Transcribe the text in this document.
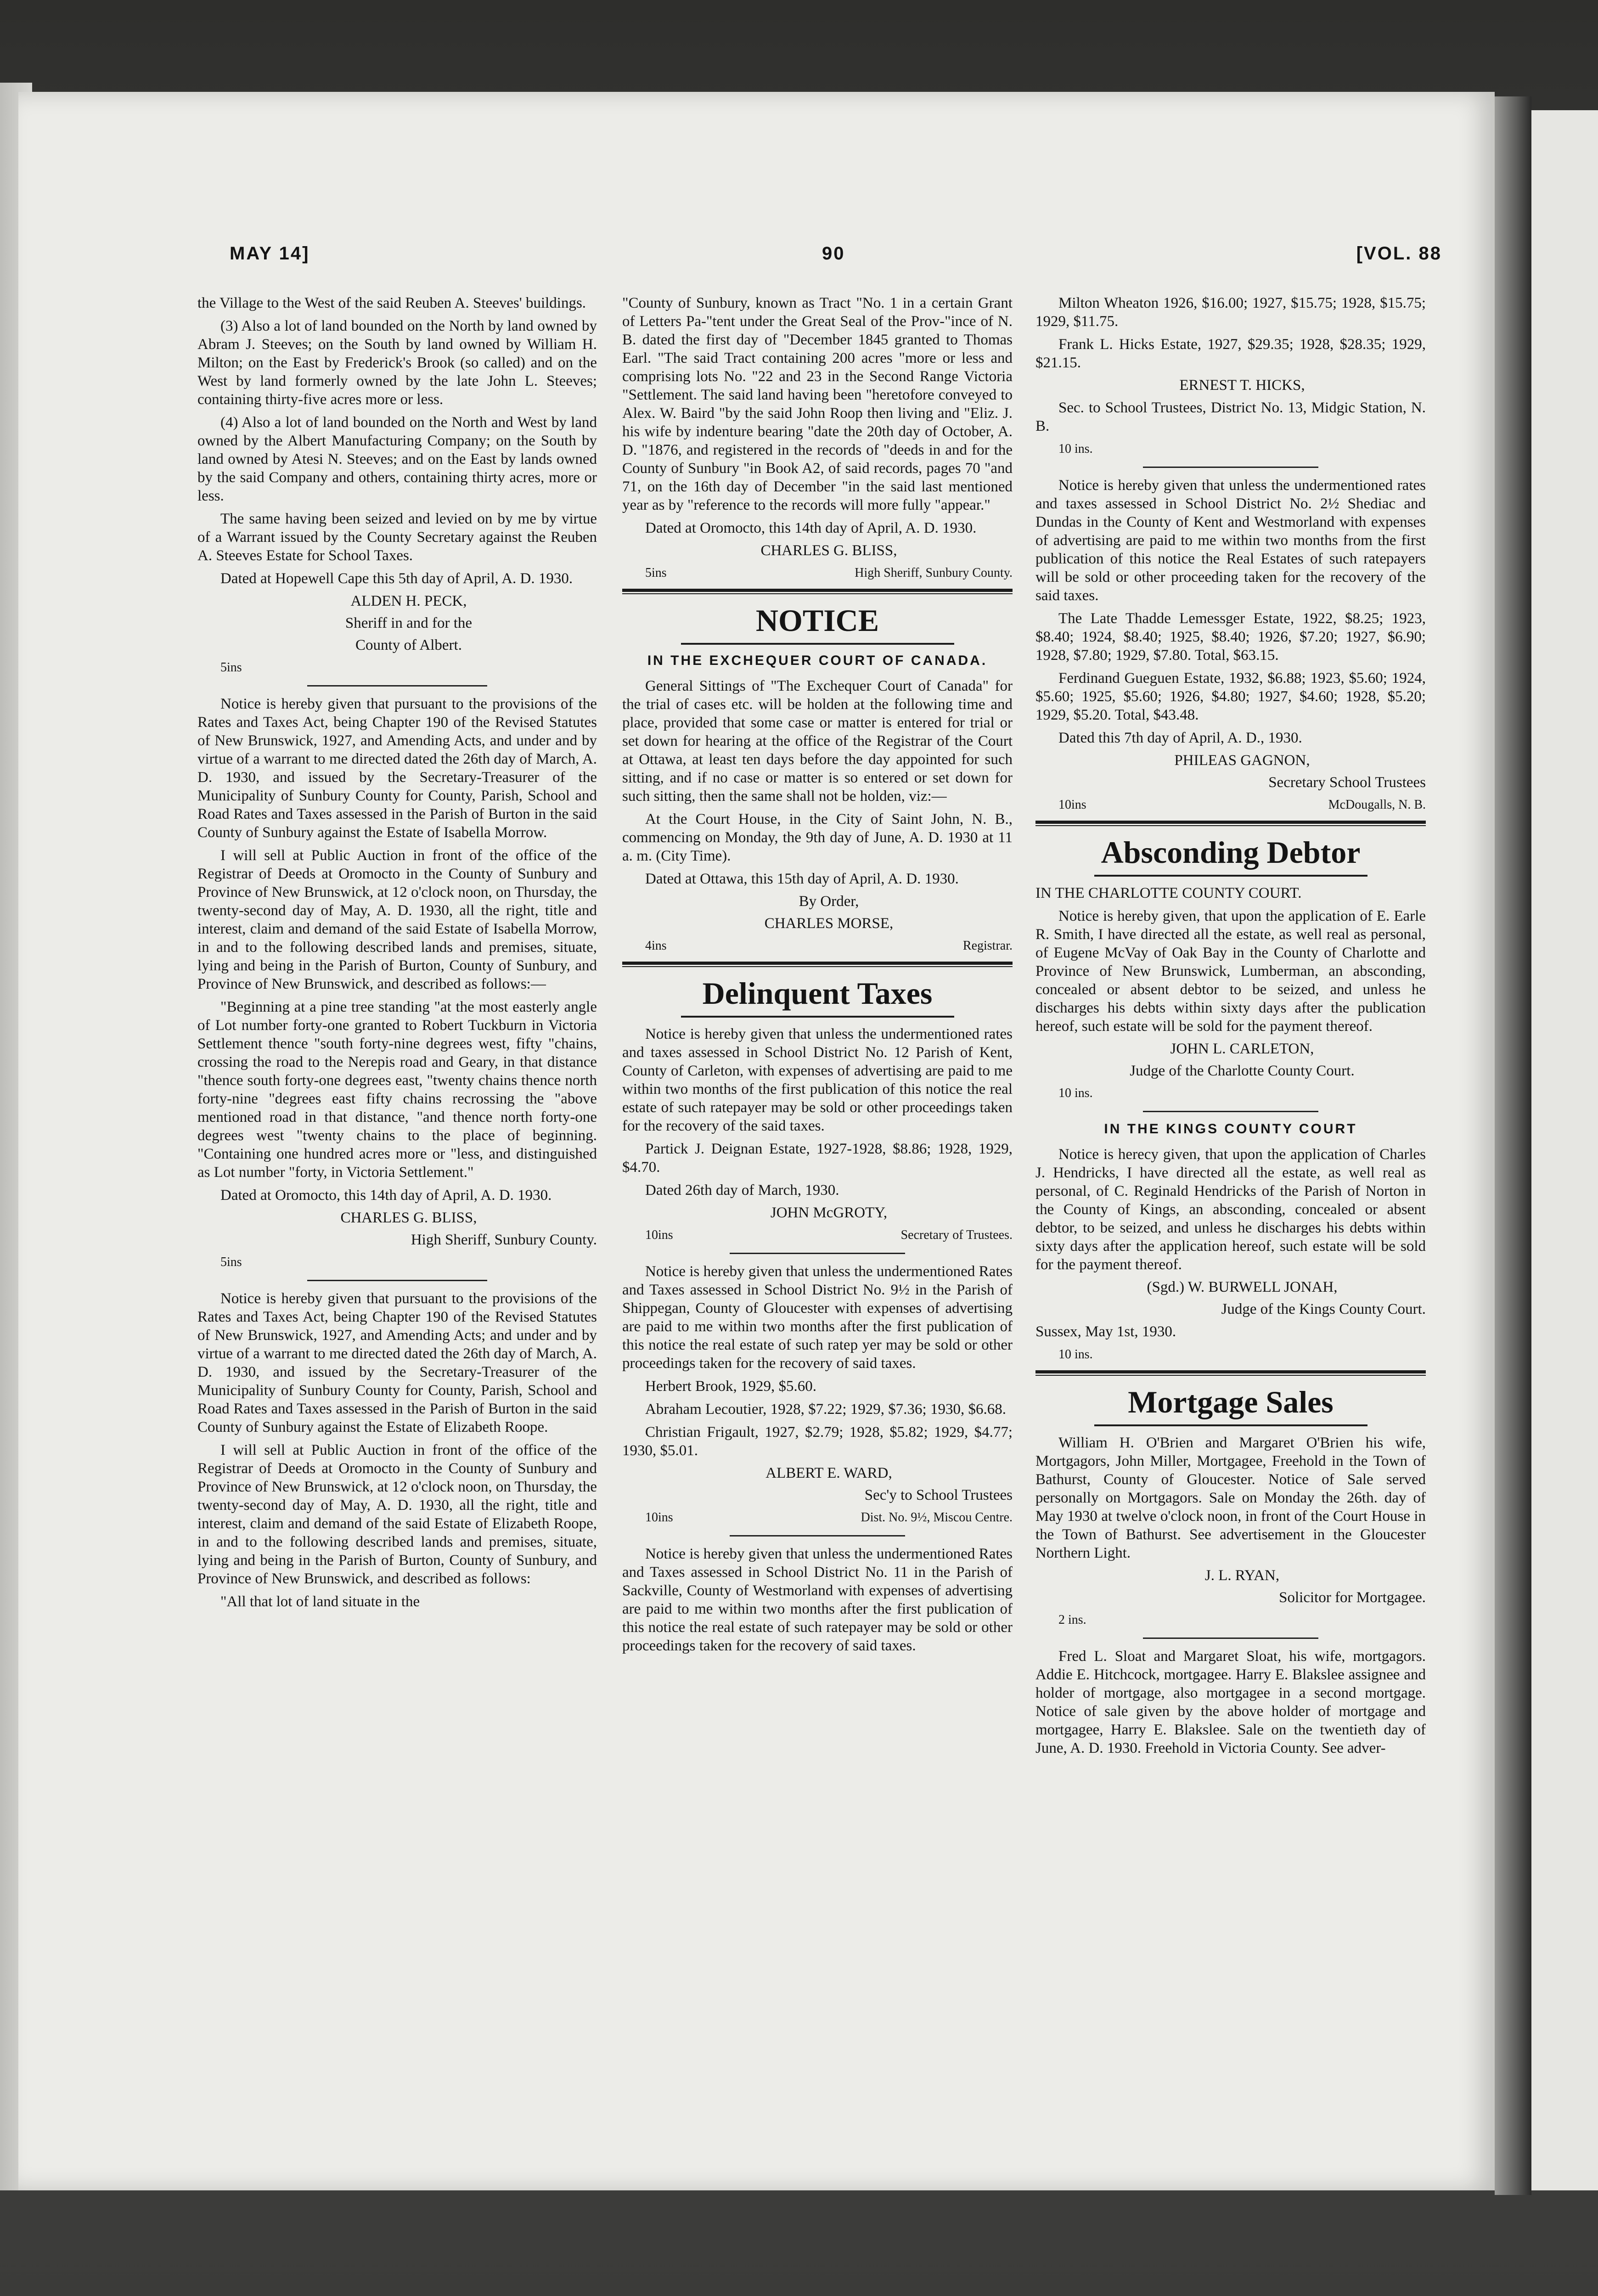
MAY 14]	90	[VOL. 88

the Village to the West of the said Reuben A. Steeves' buildings.

(3) Also a lot of land bounded on the North by land owned by Abram J. Steeves; on the South by land owned by William H. Milton; on the East by Frederick's Brook (so called) and on the West by land formerly owned by the late John L. Steeves; containing thirty-five acres more or less.

(4) Also a lot of land bounded on the North and West by land owned by the Albert Manufacturing Company; on the South by land owned by Atesi N. Steeves; and on the East by lands owned by the said Company and others, containing thirty acres, more or less.

The same having been seized and levied on by me by virtue of a Warrant issued by the County Secretary against the Reuben A. Steeves Estate for School Taxes.

Dated at Hopewell Cape this 5th day of April, A. D. 1930.

ALDEN H. PECK,

Sheriff in and for the

County of Albert.

5ins

Notice is hereby given that pursuant to the provisions of the Rates and Taxes Act, being Chapter 190 of the Revised Statutes of New Brunswick, 1927, and Amending Acts, and under and by virtue of a warrant to me directed dated the 26th day of March, A. D. 1930, and issued by the Secretary-Treasurer of the Municipality of Sunbury County for County, Parish, School and Road Rates and Taxes assessed in the Parish of Burton in the said County of Sunbury against the Estate of Isabella Morrow.

I will sell at Public Auction in front of the office of the Registrar of Deeds at Oromocto in the County of Sunbury and Province of New Brunswick, at 12 o'clock noon, on Thursday, the twenty-second day of May, A. D. 1930, all the right, title and interest, claim and demand of the said Estate of Isabella Morrow, in and to the following described lands and premises, situate, lying and being in the Parish of Burton, County of Sunbury, and Province of New Brunswick, and described as follows:—

"Beginning at a pine tree standing "at the most easterly angle of Lot number forty-one granted to Robert Tuckburn in Victoria Settlement thence "south forty-nine degrees west, fifty "chains, crossing the road to the Nerepis road and Geary, in that distance "thence south forty-one degrees east, "twenty chains thence north forty-nine "degrees east fifty chains recrossing the "above mentioned road in that distance, "and thence north forty-one degrees west "twenty chains to the place of beginning. "Containing one hundred acres more or "less, and distinguished as Lot number "forty, in Victoria Settlement."

Dated at Oromocto, this 14th day of April, A. D. 1930.

CHARLES G. BLISS,

High Sheriff, Sunbury County.

5ins

Notice is hereby given that pursuant to the provisions of the Rates and Taxes Act, being Chapter 190 of the Revised Statutes of New Brunswick, 1927, and Amending Acts; and under and by virtue of a warrant to me directed dated the 26th day of March, A. D. 1930, and issued by the Secretary-Treasurer of the Municipality of Sunbury County for County, Parish, School and Road Rates and Taxes assessed in the Parish of Burton in the said County of Sunbury against the Estate of Elizabeth Roope.

I will sell at Public Auction in front of the office of the Registrar of Deeds at Oromocto in the County of Sunbury and Province of New Brunswick, at 12 o'clock noon, on Thursday, the twenty-second day of May, A. D. 1930, all the right, title and interest, claim and demand of the said Estate of Elizabeth Roope, in and to the following described lands and premises, situate, lying and being in the Parish of Burton, County of Sunbury, and Province of New Brunswick, and described as follows:

"All that lot of land situate in the

"County of Sunbury, known as Tract "No. 1 in a certain Grant of Letters Pa-"tent under the Great Seal of the Prov-"ince of N. B. dated the first day of "December 1845 granted to Thomas Earl. "The said Tract containing 200 acres "more or less and comprising lots No. "22 and 23 in the Second Range Victoria "Settlement. The said land having been "heretofore conveyed to Alex. W. Baird "by the said John Roop then living and "Eliz. J. his wife by indenture bearing "date the 20th day of October, A. D. "1876, and registered in the records of "deeds in and for the County of Sunbury "in Book A2, of said records, pages 70 "and 71, on the 16th day of December "in the said last mentioned year as by "reference to the records will more fully "appear."

Dated at Oromocto, this 14th day of April, A. D. 1930.

CHARLES G. BLISS,

5ins	High Sheriff, Sunbury County.

NOTICE
IN THE EXCHEQUER COURT OF CANADA.

General Sittings of "The Exchequer Court of Canada" for the trial of cases etc. will be holden at the following time and place, provided that some case or matter is entered for trial or set down for hearing at the office of the Registrar of the Court at Ottawa, at least ten days before the day appointed for such sitting, and if no case or matter is so entered or set down for such sitting, then the same shall not be holden, viz:—

At the Court House, in the City of Saint John, N. B., commencing on Monday, the 9th day of June, A. D. 1930 at 11 a. m. (City Time).

Dated at Ottawa, this 15th day of April, A. D. 1930.

By Order,

CHARLES MORSE,

4ins	Registrar.

Delinquent Taxes

Notice is hereby given that unless the undermentioned rates and taxes assessed in School District No. 12 Parish of Kent, County of Carleton, with expenses of advertising are paid to me within two months of the first publication of this notice the real estate of such ratepayer may be sold or other proceedings taken for the recovery of the said taxes.

Partick J. Deignan Estate, 1927-1928, $8.86; 1928, 1929, $4.70.

Dated 26th day of March, 1930.

JOHN McGROTY,

10ins	Secretary of Trustees.

Notice is hereby given that unless the undermentioned Rates and Taxes assessed in School District No. 9½ in the Parish of Shippegan, County of Gloucester with expenses of advertising are paid to me within two months after the first publication of this notice the real estate of such ratep yer may be sold or other proceedings taken for the recovery of said taxes.

Herbert Brook, 1929, $5.60.

Abraham Lecoutier, 1928, $7.22; 1929, $7.36; 1930, $6.68.

Christian Frigault, 1927, $2.79; 1928, $5.82; 1929, $4.77; 1930, $5.01.

ALBERT E. WARD,

Sec'y to School Trustees

10ins	Dist. No. 9½, Miscou Centre.

Notice is hereby given that unless the undermentioned Rates and Taxes assessed in School District No. 11 in the Parish of Sackville, County of Westmorland with expenses of advertising are paid to me within two months after the first publication of this notice the real estate of such ratepayer may be sold or other proceedings taken for the recovery of said taxes.

Milton Wheaton 1926, $16.00; 1927, $15.75; 1928, $15.75; 1929, $11.75.

Frank L. Hicks Estate, 1927, $29.35; 1928, $28.35; 1929, $21.15.

ERNEST T. HICKS,

Sec. to School Trustees, District No. 13, Midgic Station, N. B.

10 ins.

Notice is hereby given that unless the undermentioned rates and taxes assessed in School District No. 2½ Shediac and Dundas in the County of Kent and Westmorland with expenses of advertising are paid to me within two months from the first publication of this notice the Real Estates of such ratepayers will be sold or other proceeding taken for the recovery of the said taxes.

The Late Thadde Lemessger Estate, 1922, $8.25; 1923, $8.40; 1924, $8.40; 1925, $8.40; 1926, $7.20; 1927, $6.90; 1928, $7.80; 1929, $7.80. Total, $63.15.

Ferdinand Gueguen Estate, 1932, $6.88; 1923, $5.60; 1924, $5.60; 1925, $5.60; 1926, $4.80; 1927, $4.60; 1928, $5.20; 1929, $5.20. Total, $43.48.

Dated this 7th day of April, A. D., 1930.

PHILEAS GAGNON,

Secretary School Trustees

10ins	McDougalls, N. B.

Absconding Debtor

IN THE CHARLOTTE COUNTY COURT.

Notice is hereby given, that upon the application of E. Earle R. Smith, I have directed all the estate, as well real as personal, of Eugene McVay of Oak Bay in the County of Charlotte and Province of New Brunswick, Lumberman, an absconding, concealed or absent debtor to be seized, and unless he discharges his debts within sixty days after the publication hereof, such estate will be sold for the payment thereof.

JOHN L. CARLETON,

Judge of the Charlotte County Court.

10 ins.

IN THE KINGS COUNTY COURT

Notice is herecy given, that upon the application of Charles J. Hendricks, I have directed all the estate, as well real as personal, of C. Reginald Hendricks of the Parish of Norton in the County of Kings, an absconding, concealed or absent debtor, to be seized, and unless he discharges his debts within sixty days after the application hereof, such estate will be sold for the payment thereof.

(Sgd.) W. BURWELL JONAH,

Judge of the Kings County Court.

Sussex, May 1st, 1930.

10 ins.

Mortgage Sales

William H. O'Brien and Margaret O'Brien his wife, Mortgagors, John Miller, Mortgagee, Freehold in the Town of Bathurst, County of Gloucester. Notice of Sale served personally on Mortgagors. Sale on Monday the 26th. day of May 1930 at twelve o'clock noon, in front of the Court House in the Town of Bathurst. See advertisement in the Gloucester Northern Light.

J. L. RYAN,

Solicitor for Mortgagee.

2 ins.

Fred L. Sloat and Margaret Sloat, his wife, mortgagors. Addie E. Hitchcock, mortgagee. Harry E. Blakslee assignee and holder of mortgage, also mortgagee in a second mortgage. Notice of sale given by the above holder of mortgage and mortgagee, Harry E. Blakslee. Sale on the twentieth day of June, A. D. 1930. Freehold in Victoria County. See adver-
